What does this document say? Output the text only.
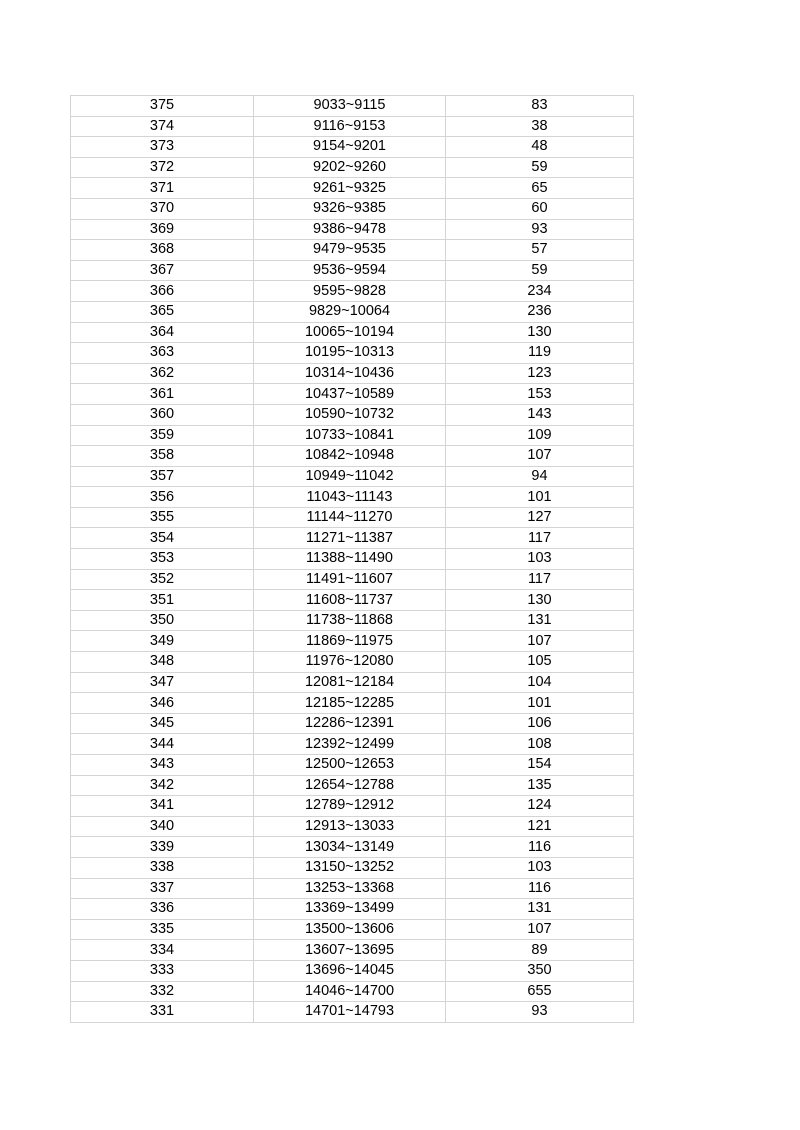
375	9033~9115	83
374	9116~9153	38
373	9154~9201	48
372	9202~9260	59
371	9261~9325	65
370	9326~9385	60
369	9386~9478	93
368	9479~9535	57
367	9536~9594	59
366	9595~9828	234
365	9829~10064	236
364	10065~10194	130
363	10195~10313	119
362	10314~10436	123
361	10437~10589	153
360	10590~10732	143
359	10733~10841	109
358	10842~10948	107
357	10949~11042	94
356	11043~11143	101
355	11144~11270	127
354	11271~11387	117
353	11388~11490	103
352	11491~11607	117
351	11608~11737	130
350	11738~11868	131
349	11869~11975	107
348	11976~12080	105
347	12081~12184	104
346	12185~12285	101
345	12286~12391	106
344	12392~12499	108
343	12500~12653	154
342	12654~12788	135
341	12789~12912	124
340	12913~13033	121
339	13034~13149	116
338	13150~13252	103
337	13253~13368	116
336	13369~13499	131
335	13500~13606	107
334	13607~13695	89
333	13696~14045	350
332	14046~14700	655
331	14701~14793	93
